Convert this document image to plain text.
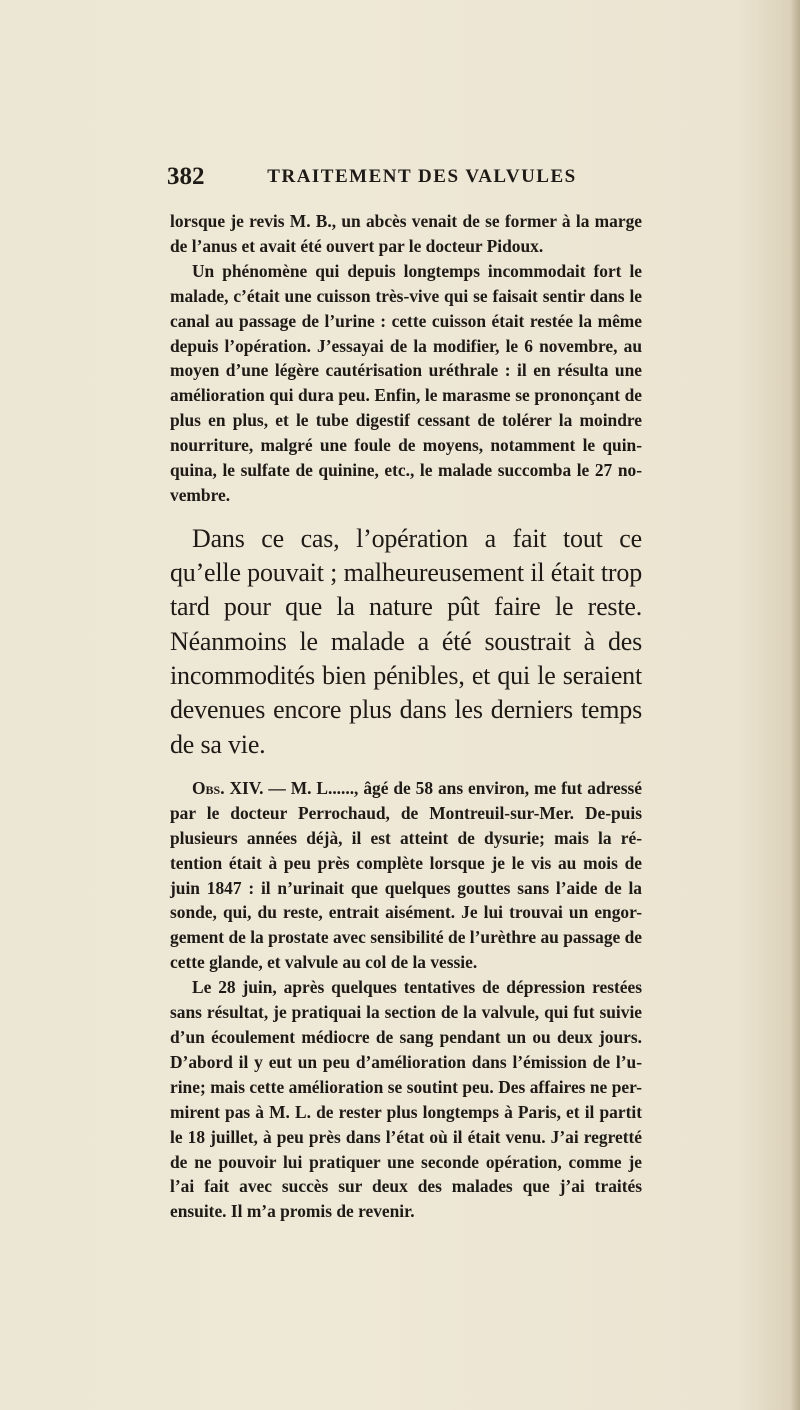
382	TRAITEMENT DES VALVULES

lorsque je revis M. B., un abcès venait de se former à la marge de l’anus et avait été ouvert par le docteur Pidoux.

Un phénomène qui depuis longtemps incommodait fort le malade, c’était une cuisson très-vive qui se faisait sentir dans le canal au passage de l’urine : cette cuisson était restée la même depuis l’opération. J’essayai de la modifier, le 6 novembre, au moyen d’une légère cautérisation uréthrale : il en résulta une amélioration qui dura peu. Enfin, le marasme se prononçant de plus en plus, et le tube digestif cessant de tolérer la moindre nourriture, malgré une foule de moyens, notamment le quin-quina, le sulfate de quinine, etc., le malade succomba le 27 no-vembre.

Dans ce cas, l’opération a fait tout ce qu’elle pouvait ; malheureusement il était trop tard pour que la nature pût faire le reste. Néanmoins le malade a été soustrait à des incommodités bien pénibles, et qui le seraient devenues encore plus dans les derniers temps de sa vie.

Obs. XIV. — M. L......, âgé de 58 ans environ, me fut adressé par le docteur Perrochaud, de Montreuil-sur-Mer. De-puis plusieurs années déjà, il est atteint de dysurie; mais la ré-tention était à peu près complète lorsque je le vis au mois de juin 1847 : il n’urinait que quelques gouttes sans l’aide de la sonde, qui, du reste, entrait aisément. Je lui trouvai un engor-gement de la prostate avec sensibilité de l’urèthre au passage de cette glande, et valvule au col de la vessie.

Le 28 juin, après quelques tentatives de dépression restées sans résultat, je pratiquai la section de la valvule, qui fut suivie d’un écoulement médiocre de sang pendant un ou deux jours. D’abord il y eut un peu d’amélioration dans l’émission de l’u-rine; mais cette amélioration se soutint peu. Des affaires ne per-mirent pas à M. L. de rester plus longtemps à Paris, et il partit le 18 juillet, à peu près dans l’état où il était venu. J’ai regretté de ne pouvoir lui pratiquer une seconde opération, comme je l’ai fait avec succès sur deux des malades que j’ai traités ensuite. Il m’a promis de revenir.
